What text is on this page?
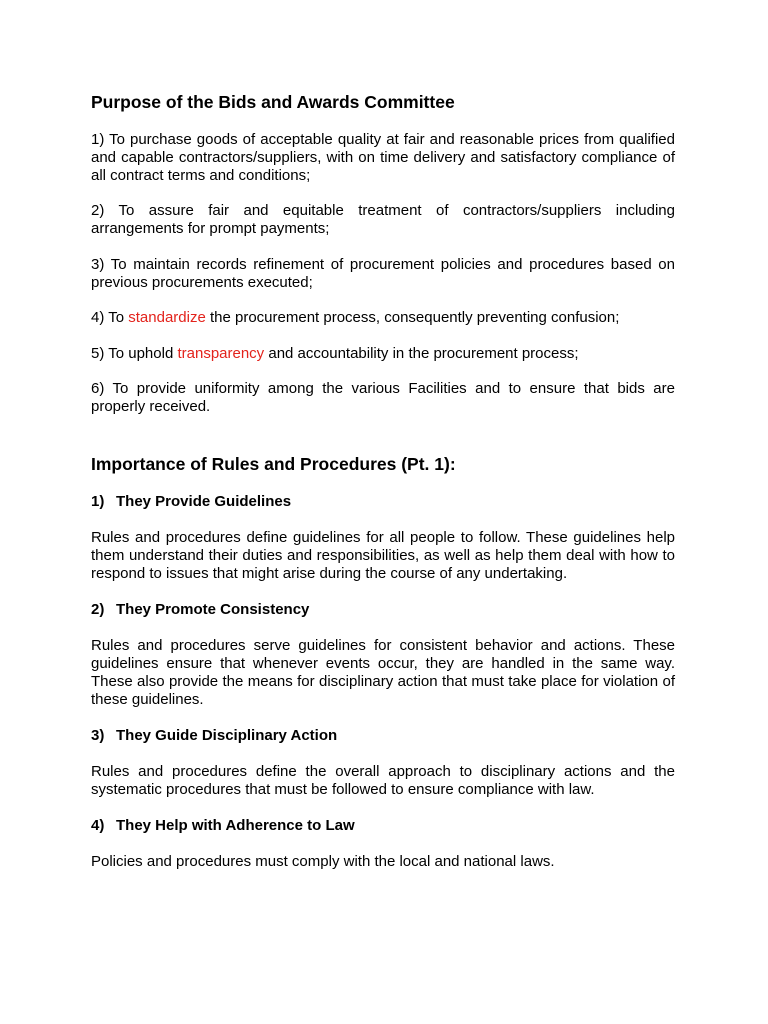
Purpose of the Bids and Awards Committee

1) To purchase goods of acceptable quality at fair and reasonable prices from qualified and capable contractors/suppliers, with on time delivery and satisfactory compliance of all contract terms and conditions;

2) To assure fair and equitable treatment of contractors/suppliers including arrangements for prompt payments;

3) To maintain records refinement of procurement policies and procedures based on previous procurements executed;

4) To standardize the procurement process, consequently preventing confusion;

5) To uphold transparency and accountability in the procurement process;

6) To provide uniformity among the various Facilities and to ensure that bids are properly received.

Importance of Rules and Procedures (Pt. 1):
1) They Provide Guidelines

Rules and procedures define guidelines for all people to follow. These guidelines help them understand their duties and responsibilities, as well as help them deal with how to respond to issues that might arise during the course of any undertaking.

2) They Promote Consistency

Rules and procedures serve guidelines for consistent behavior and actions. These guidelines ensure that whenever events occur, they are handled in the same way. These also provide the means for disciplinary action that must take place for violation of these guidelines.

3) They Guide Disciplinary Action

Rules and procedures define the overall approach to disciplinary actions and the systematic procedures that must be followed to ensure compliance with law.

4) They Help with Adherence to Law

Policies and procedures must comply with the local and national laws.
